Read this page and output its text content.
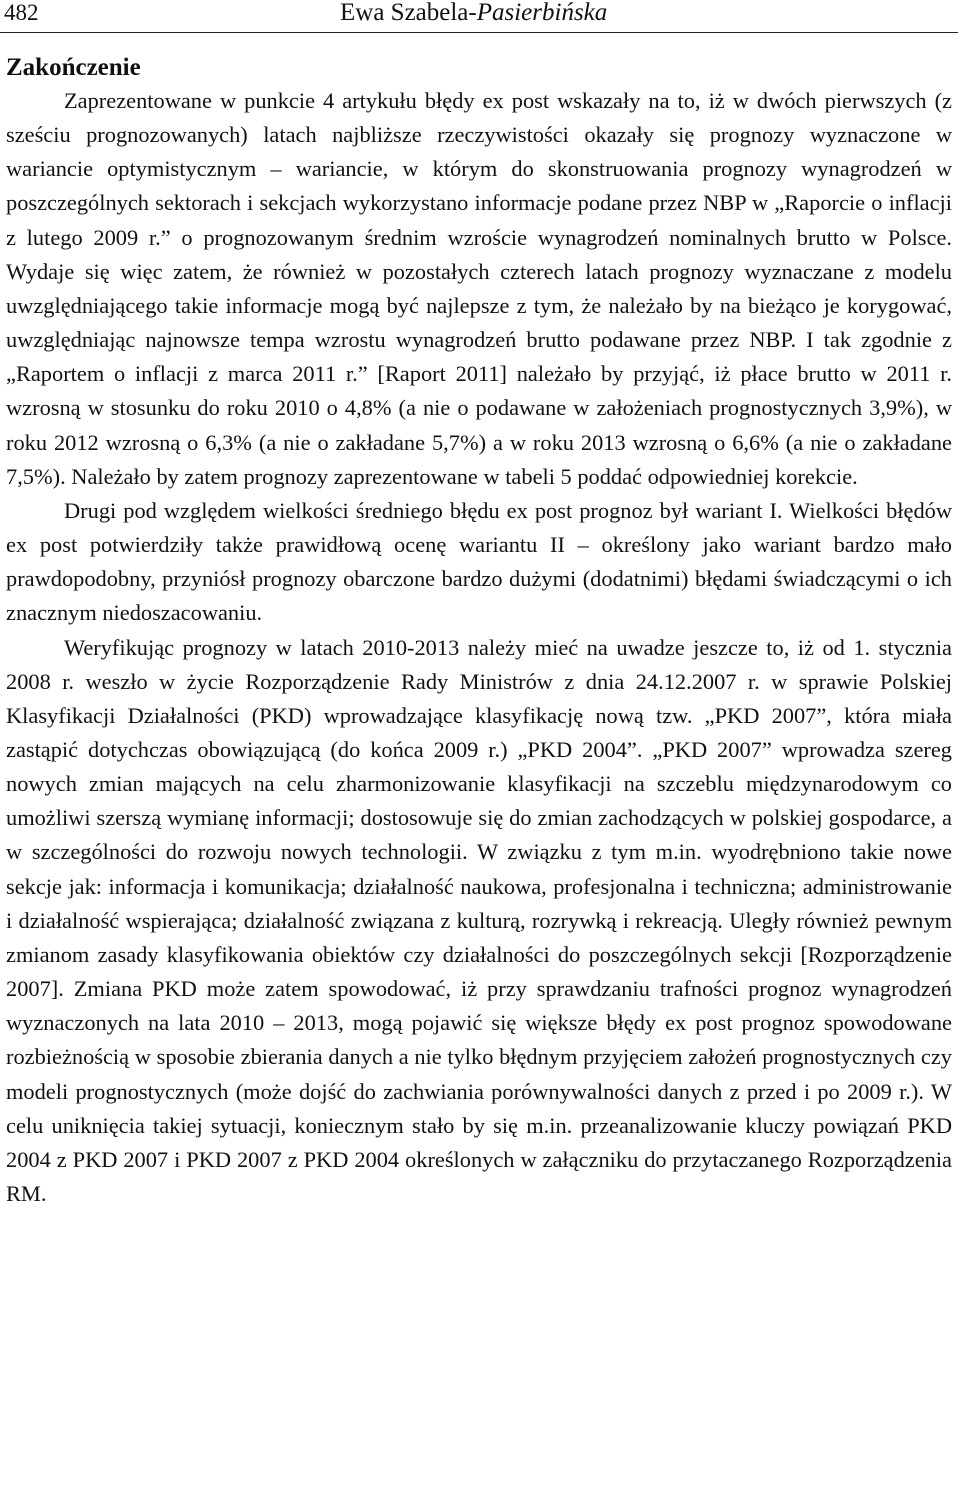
482	Ewa Szabela-Pasierbińska
Zakończenie

Zaprezentowane w punkcie 4 artykułu błędy ex post wskazały na to, iż w dwóch pierwszych (z sześciu prognozowanych) latach najbliższe rzeczywistości okazały się prognozy wyznaczone w wariancie optymistycznym – wariancie, w którym do skonstruowania prognozy wynagrodzeń w poszczególnych sektorach i sekcjach wykorzystano informacje podane przez NBP w „Raporcie o inflacji z lutego 2009 r.” o prognozowanym średnim wzroście wynagrodzeń nominalnych brutto w Polsce. Wydaje się więc zatem, że również w pozostałych czterech latach prognozy wyznaczane z modelu uwzględniającego takie informacje mogą być najlepsze z tym, że należało by na bieżąco je korygować, uwzględniając najnowsze tempa wzrostu wynagrodzeń brutto podawane przez NBP. I tak zgodnie z „Raportem o inflacji z marca 2011 r.” [Raport 2011] należało by przyjąć, iż płace brutto w 2011 r. wzrosną w stosunku do roku 2010 o 4,8% (a nie o podawane w założeniach prognostycznych 3,9%), w roku 2012 wzrosną o 6,3% (a nie o zakładane 5,7%) a w roku 2013 wzrosną o 6,6% (a nie o zakładane 7,5%). Należało by zatem prognozy zaprezentowane w tabeli 5 poddać odpowiedniej korekcie.

Drugi pod względem wielkości średniego błędu ex post prognoz był wariant I. Wielkości błędów ex post potwierdziły także prawidłową ocenę wariantu II – określony jako wariant bardzo mało prawdopodobny, przyniósł prognozy obarczone bardzo dużymi (dodatnimi) błędami świadczącymi o ich znacznym niedoszacowaniu.

Weryfikując prognozy w latach 2010-2013 należy mieć na uwadze jeszcze to, iż od 1. stycznia 2008 r. weszło w życie Rozporządzenie Rady Ministrów z dnia 24.12.2007 r. w sprawie Polskiej Klasyfikacji Działalności (PKD) wprowadzające klasyfikację nową tzw. „PKD 2007”, która miała zastąpić dotychczas obowiązującą (do końca 2009 r.) „PKD 2004”. „PKD 2007” wprowadza szereg nowych zmian mających na celu zharmonizowanie klasyfikacji na szczeblu międzynarodowym co umożliwi szerszą wymianę informacji; dostosowuje się do zmian zachodzących w polskiej gospodarce, a w szczególności do rozwoju nowych technologii. W związku z tym m.in. wyodrębniono takie nowe sekcje jak: informacja i komunikacja; działalność naukowa, profesjonalna i techniczna; administrowanie i działalność wspierająca; działalność związana z kulturą, rozrywką i rekreacją. Uległy również pewnym zmianom zasady klasyfikowania obiektów czy działalności do poszczególnych sekcji [Rozporządzenie 2007]. Zmiana PKD może zatem spowodować, iż przy sprawdzaniu trafności prognoz wynagrodzeń wyznaczonych na lata 2010 – 2013, mogą pojawić się większe błędy ex post prognoz spowodowane rozbieżnością w sposobie zbierania danych a nie tylko błędnym przyjęciem założeń prognostycznych czy modeli prognostycznych (może dojść do zachwiania porównywalności danych z przed i po 2009 r.). W celu uniknięcia takiej sytuacji, koniecznym stało by się m.in. przeanalizowanie kluczy powiązań PKD 2004 z PKD 2007 i PKD 2007 z PKD 2004 określonych w załączniku do przytaczanego Rozporządzenia RM.
